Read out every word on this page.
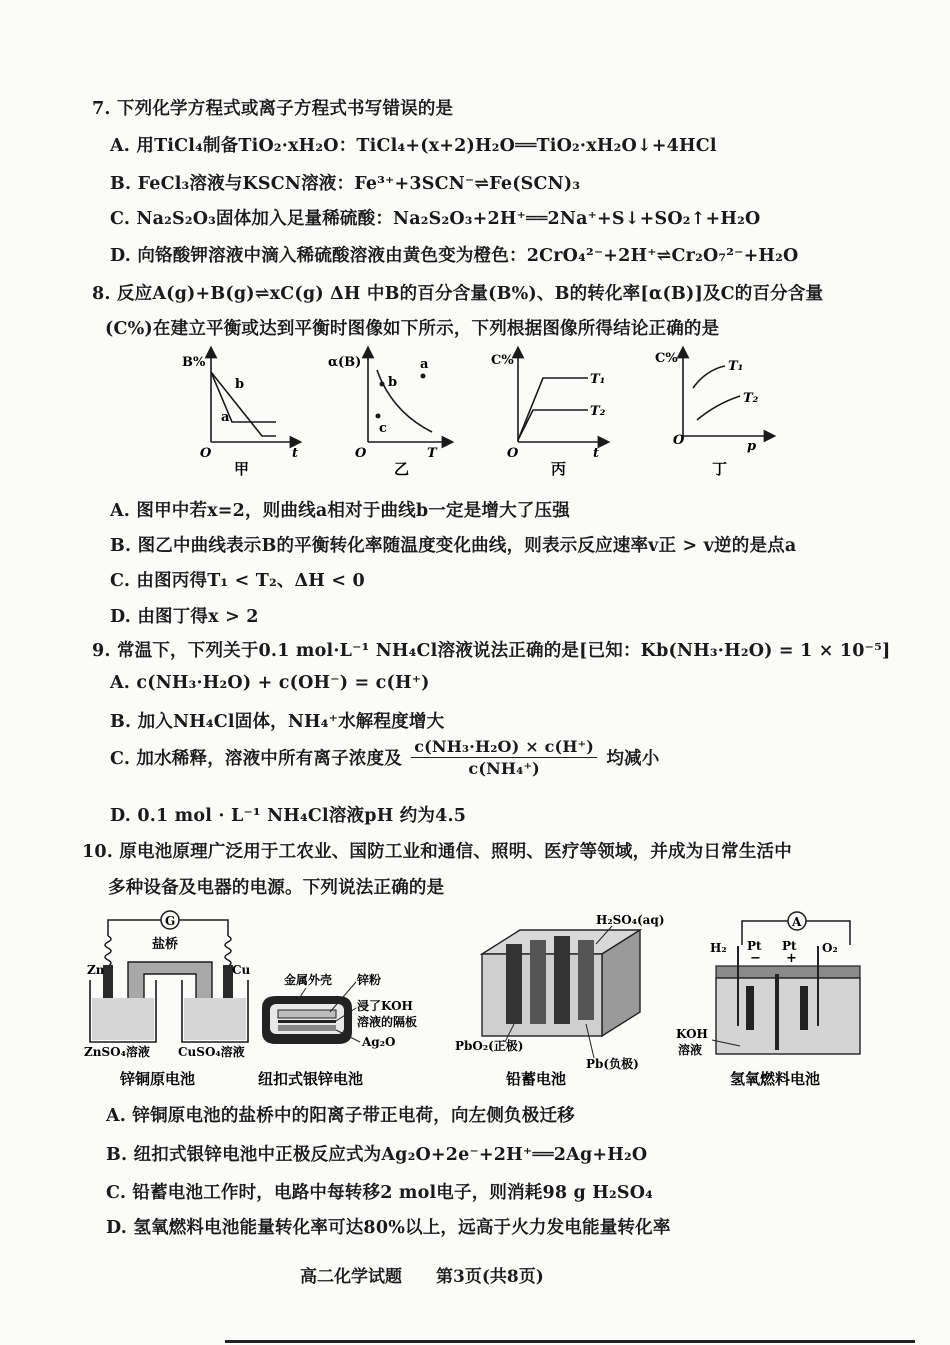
7. 下列化学方程式或离子方程式书写错误的是
A. 用TiCl₄制备TiO₂·xH₂O：TiCl₄+(x+2)H₂O══TiO₂·xH₂O↓+4HCl
B. FeCl₃溶液与KSCN溶液：Fe³⁺+3SCN⁻⇌Fe(SCN)₃
C. Na₂S₂O₃固体加入足量稀硫酸：Na₂S₂O₃+2H⁺══2Na⁺+S↓+SO₂↑+H₂O
D. 向铬酸钾溶液中滴入稀硫酸溶液由黄色变为橙色：2CrO₄²⁻+2H⁺⇌Cr₂O₇²⁻+H₂O
8. 反应A(g)+B(g)⇌xC(g) ΔH 中B的百分含量(B%)、B的转化率[α(B)]及C的百分含量
(C%)在建立平衡或达到平衡时图像如下所示，下列根据图像所得结论正确的是
B%
b
a
O	t
甲
α(B)	a
b
c
O	T
乙
C%
T₁
T₂
O	t
丙
C%
T₁
T₂
O	p
丁
A. 图甲中若x=2，则曲线a相对于曲线b一定是增大了压强
B. 图乙中曲线表示B的平衡转化率随温度变化曲线，则表示反应速率v正 > v逆的是点a
C. 由图丙得T₁ < T₂、ΔH < 0
D. 由图丁得x > 2
9. 常温下，下列关于0.1 mol·L⁻¹ NH₄Cl溶液说法正确的是[已知：Kb(NH₃·H₂O) = 1 × 10⁻⁵]
A. c(NH₃·H₂O) + c(OH⁻) = c(H⁺)
B. 加入NH₄Cl固体，NH₄⁺水解程度增大
C. 加水稀释，溶液中所有离子浓度及 $\frac{\text{c(NH₃·H₂O) × c(H⁺)}}{\text{c(NH₄⁺)}}$ 均减小
D. 0.1 mol · L⁻¹ NH₄Cl溶液pH 约为4.5
10. 原电池原理广泛用于工农业、国防工业和通信、照明、医疗等领域，并成为日常生活中
多种设备及电器的电源。下列说法正确的是
G
盐桥
Zn	Cu
ZnSO₄溶液 CuSO₄溶液
锌铜原电池
金属外壳 锌粉
浸了KOH
溶液的隔板
Ag₂O
纽扣式银锌电池
H₂SO₄(aq)
PbO₂(正极)
Pb(负极)
铅蓄电池
A
H₂ Pt Pt O₂
− +
KOH
溶液
氢氧燃料电池
A. 锌铜原电池的盐桥中的阳离子带正电荷，向左侧负极迁移
B. 纽扣式银锌电池中正极反应式为Ag₂O+2e⁻+2H⁺══2Ag+H₂O
C. 铅蓄电池工作时，电路中每转移2 mol电子，则消耗98 g H₂SO₄
D. 氢氧燃料电池能量转化率可达80%以上，远高于火力发电能量转化率
高二化学试题　　第3页(共8页)
